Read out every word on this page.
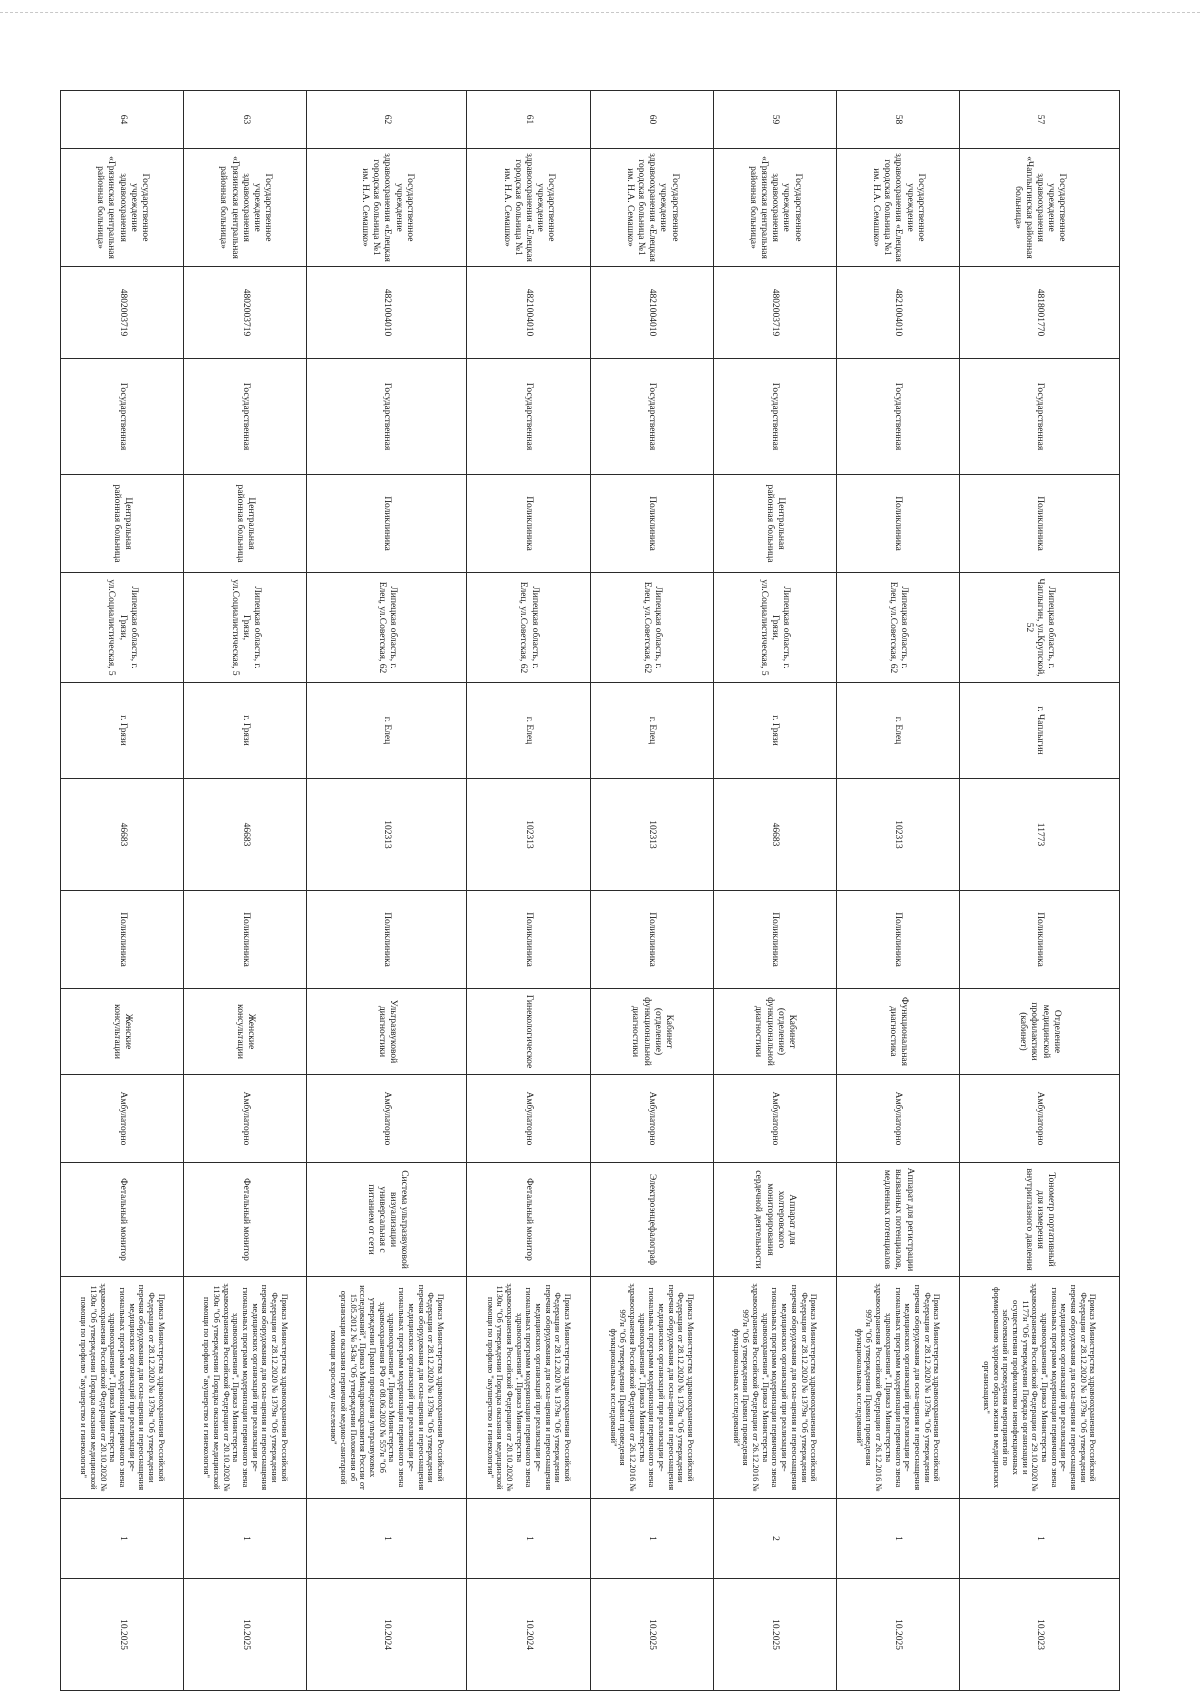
57	Государственное учреждение здравоохранения «Чаплыгинская районная больница»	4818001770	Государственная	Поликлиника	Липецкая область, г. Чаплыгин, ул.Крупской, 52	г. Чаплыгин	11773	Поликлиника	Отделение медицинской профилактики (кабинет)	Амбулаторно	Тонометр портативный для измерения внутриглазного давления	Приказ Министерства здравоохранения Российской Федерации от 28.12.2020 № 1379н "Об утверждении перечня оборудования для осна-щения и переоснащения медицинских организаций при реализации ре-гиональных программ модернизации первичного звена здравоохранения", Приказ Министерства здравоохранения Российской Федерации от 29.10.2020 № 1177н "Об утверждении Порядка организации и осуществления профилактики неинфекционных заболеваний и проведения мероприятий по формированию здорового образа жизни в медицинских организациях"	1	10.2023
58	Государственное учреждение здравоохранения «Елецкая городская больница №1 им. Н.А. Семашко»	4821004010	Государственная	Поликлиника	Липецкая область, г. Елец, ул.Советская, 62	г. Елец	102313	Поликлиника	Функциональная диагностика	Амбулаторно	Аппарат для регистрации вызванных потенциалов, медленных потенциалов	Приказ Министерства здравоохранения Российской Федерации от 28.12.2020 № 1379н "Об утверждении перечня оборудования для осна-щения и переоснащения медицинских организаций при реализации ре-гиональных программ модернизации первичного звена здравоохранения", Приказ Министерства здравоохранения Российской Федерации от 26.12.2016 № 997н "Об утверждении Правил проведения функциональных исследований"	1	10.2025
59	Государственное учреждение здравоохранения «Грязинская центральная районная больница»	4802003719	Государственная	Центральная районная больница	Липецкая область, г. Грязи, ул.Социалистическая, 5	г. Грязи	46683	Поликлиника	Кабинет (отделение) функциональной диагностики	Амбулаторно	Аппарат для холтеровского мониторирования сердечной деятельности	Приказ Министерства здравоохранения Российской Федерации от 28.12.2020 № 1379н "Об утверждении перечня оборудования для осна-щения и переоснащения медицинских организаций при реализации ре-гиональных программ модернизации первичного звена здравоохранения", Приказ Министерства здравоохранения Российской Федерации от 26.12.2016 № 997н "Об утверждении Правил проведения функциональных исследований"	2	10.2025
60	Государственное учреждение здравоохранения «Елецкая городская больница №1 им. Н.А. Семашко»	4821004010	Государственная	Поликлиника	Липецкая область, г. Елец, ул.Советская, 62	г. Елец	102313	Поликлиника	Кабинет (отделение) функциональной диагностики	Амбулаторно	Электроэнцефалограф	Приказ Министерства здравоохранения Российской Федерации от 28.12.2020 № 1379н "Об утверждении перечня оборудования для осна-щения и переоснащения медицинских организаций при реализации ре-гиональных программ модернизации первичного звена здравоохранения", Приказ Министерства здравоохранения Российской Федерации от 26.12.2016 № 997н "Об утверждении Правил проведения функциональных исследований"	1	10.2025
61	Государственное учреждение здравоохранения «Елецкая городская больница №1 им. Н.А. Семашко»	4821004010	Государственная	Поликлиника	Липецкая область, г. Елец, ул.Советская, 62	г. Елец	102313	Поликлиника	Гинекологическое	Амбулаторно	Фетальный монитор	Приказ Министерства здравоохранения Российской Федерации от 28.12.2020 № 1379н "Об утверждении перечня оборудования для осна-щения и переоснащения медицинских организаций при реализации ре-гиональных программ модернизации первичного звена здравоохранения", Приказ Министерства здравоохранения Российской Федерации от 20.10.2020 № 1130н "Об утверждении Порядка оказания медицинской помощи по профилю "акушерство и гинекология"	1	10.2024
62	Государственное учреждение здравоохранения «Елецкая городская больница №1 им. Н.А. Семашко»	4821004010	Государственная	Поликлиника	Липецкая область, г. Елец, ул.Советская, 62	г. Елец	102313	Поликлиника	Ультразвуковой диагностики	Амбулаторно	Система ультразвуковой визуализации универсальная с питанием от сети	Приказ Министерства здравоохранения Российской Федерации от 28.12.2020 № 1379н "Об утверждении перечня оборудования для осна-щения и переоснащения медицинских организаций при реализации ре-гиональных программ модернизации первичного звена здравоохранения", Приказ Министерства здравоохранения РФ от 08.06.2020 № 557н "Об утверждении Правил проведения ультразвуковых исследований", Приказ Минздравсоцразвития России от 15.05.2012 № 543н "Об утверждении Положения об организации оказания первичной медико-санитарной помощи взрослому населению"	1	10.2024
63	Государственное учреждение здравоохранения «Грязинская центральная районная больница»	4802003719	Государственная	Центральная районная больница	Липецкая область, г. Грязи, ул.Социалистическая, 5	г. Грязи	46683	Поликлиника	Женские консультации	Амбулаторно	Фетальный монитор	Приказ Министерства здравоохранения Российской Федерации от 28.12.2020 № 1379н "Об утверждении перечня оборудования для осна-щения и переоснащения медицинских организаций при реализации ре-гиональных программ модернизации первичного звена здравоохранения", Приказ Министерства здравоохранения Российской Федерации от 20.10.2020 № 1130н "Об утверждении Порядка оказания медицинской помощи по профилю "акушерство и гинекология"	1	10.2025
64	Государственное учреждение здравоохранения «Грязинская центральная районная больница»	4802003719	Государственная	Центральная районная больница	Липецкая область, г. Грязи, ул.Социалистическая, 5	г. Грязи	46683	Поликлиника	Женские консультации	Амбулаторно	Фетальный монитор	Приказ Министерства здравоохранения Российской Федерации от 28.12.2020 № 1379н "Об утверждении перечня оборудования для осна-щения и переоснащения медицинских организаций при реализации ре-гиональных программ модернизации первичного звена здравоохранения", Приказ Министерства здравоохранения Российской Федерации от 20.10.2020 № 1130н "Об утверждении Порядка оказания медицинской помощи по профилю "акушерство и гинекология"	1	10.2025
